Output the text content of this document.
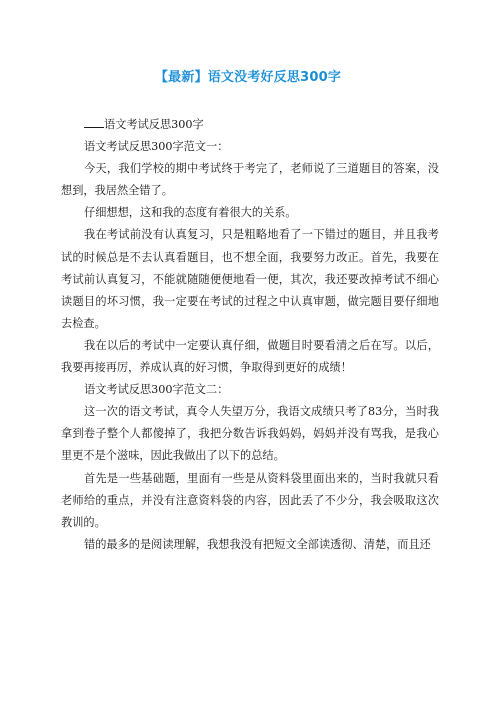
【最新】语文没考好反思300字

语文考试反思300字

语文考试反思300字范文一：

今天，我们学校的期中考试终于考完了，老师说了三道题目的答案，没想到，我居然全错了。

仔细想想，这和我的态度有着很大的关系。

我在考试前没有认真复习，只是粗略地看了一下错过的题目，并且我考试的时候总是不去认真看题目，也不想全面，我要努力改正。首先，我要在考试前认真复习，不能就随随便便地看一便，其次，我还要改掉考试不细心读题目的坏习惯，我一定要在考试的过程之中认真审题，做完题目要仔细地去检查。

我在以后的考试中一定要认真仔细，做题目时要看清之后在写。以后，我要再接再厉，养成认真的好习惯，争取得到更好的成绩！

语文考试反思300字范文二：

这一次的语文考试，真令人失望万分，我语文成绩只考了83分，当时我拿到卷子整个人都傻掉了，我把分数告诉我妈妈，妈妈并没有骂我，是我心里更不是个滋味，因此我做出了以下的总结。

首先是一些基础题，里面有一些是从资料袋里面出来的，当时我就只看老师给的重点，并没有注意资料袋的内容，因此丢了不少分，我会吸取这次教训的。

错的最多的是阅读理解，我想我没有把短文全部读透彻、清楚，而且还
